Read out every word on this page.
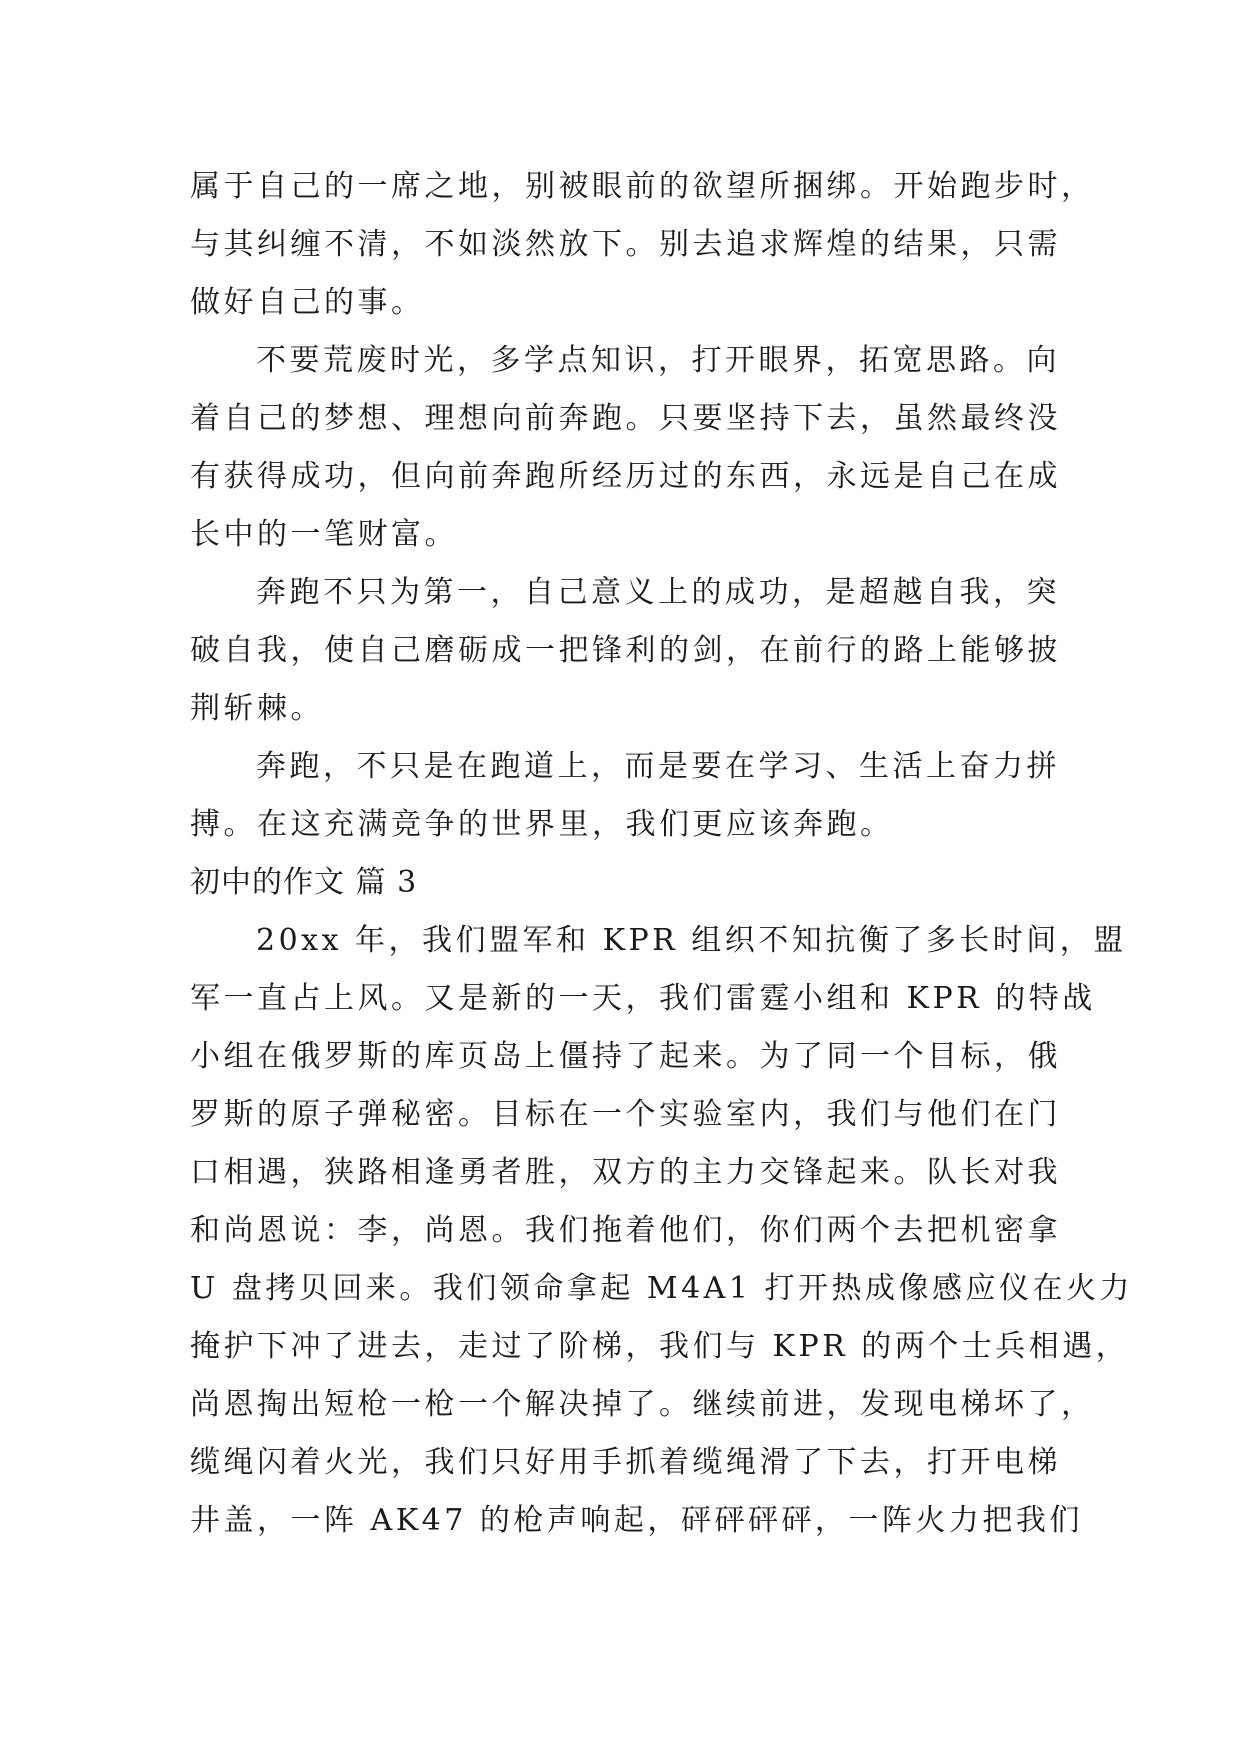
属于自己的一席之地，别被眼前的欲望所捆绑。开始跑步时，
与其纠缠不清，不如淡然放下。别去追求辉煌的结果，只需
做好自己的事。
不要荒废时光，多学点知识，打开眼界，拓宽思路。向
着自己的梦想、理想向前奔跑。只要坚持下去，虽然最终没
有获得成功，但向前奔跑所经历过的东西，永远是自己在成
长中的一笔财富。
奔跑不只为第一，自己意义上的成功，是超越自我，突
破自我，使自己磨砺成一把锋利的剑，在前行的路上能够披
荆斩棘。
奔跑，不只是在跑道上，而是要在学习、生活上奋力拼
搏。在这充满竞争的世界里，我们更应该奔跑。
初中的作文 篇 3
20xx 年，我们盟军和 KPR 组织不知抗衡了多长时间，盟
军一直占上风。又是新的一天，我们雷霆小组和 KPR 的特战
小组在俄罗斯的库页岛上僵持了起来。为了同一个目标，俄
罗斯的原子弹秘密。目标在一个实验室内，我们与他们在门
口相遇，狭路相逢勇者胜，双方的主力交锋起来。队长对我
和尚恩说：李，尚恩。我们拖着他们，你们两个去把机密拿
U 盘拷贝回来。我们领命拿起 M4A1 打开热成像感应仪在火力
掩护下冲了进去，走过了阶梯，我们与 KPR 的两个士兵相遇，
尚恩掏出短枪一枪一个解决掉了。继续前进，发现电梯坏了，
缆绳闪着火光，我们只好用手抓着缆绳滑了下去，打开电梯
井盖，一阵 AK47 的枪声响起，砰砰砰砰，一阵火力把我们
